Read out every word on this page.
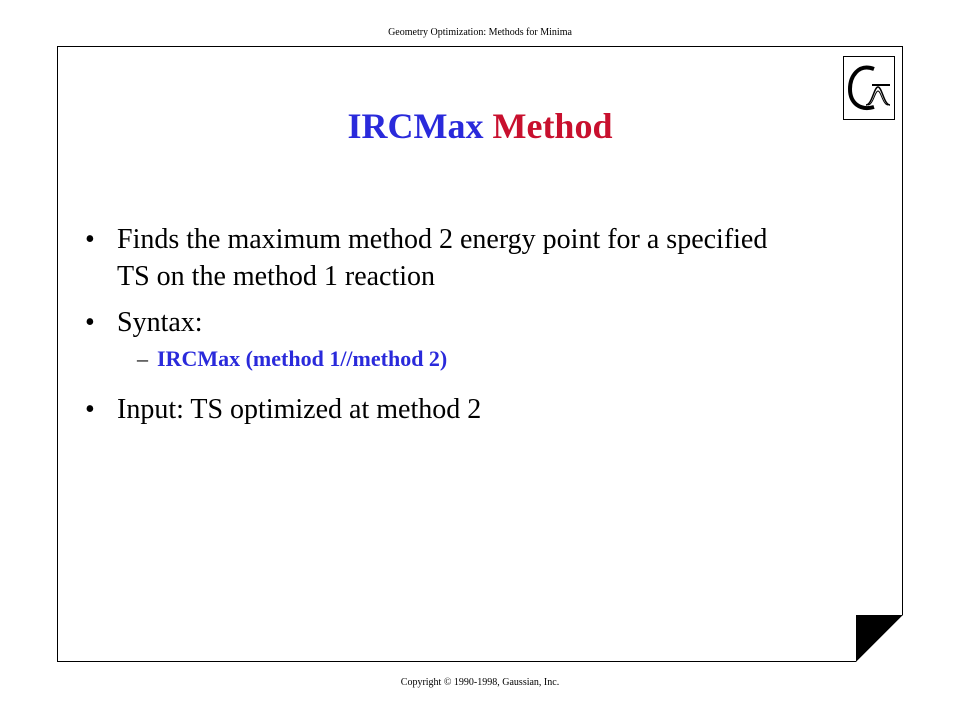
Geometry Optimization: Methods for Minima
IRCMax Method
• Finds the maximum method 2 energy point for a specified
TS on the method 1 reaction
• Syntax:
– IRCMax (method 1//method 2)
• Input: TS optimized at method 2
Copyright © 1990-1998, Gaussian, Inc.
